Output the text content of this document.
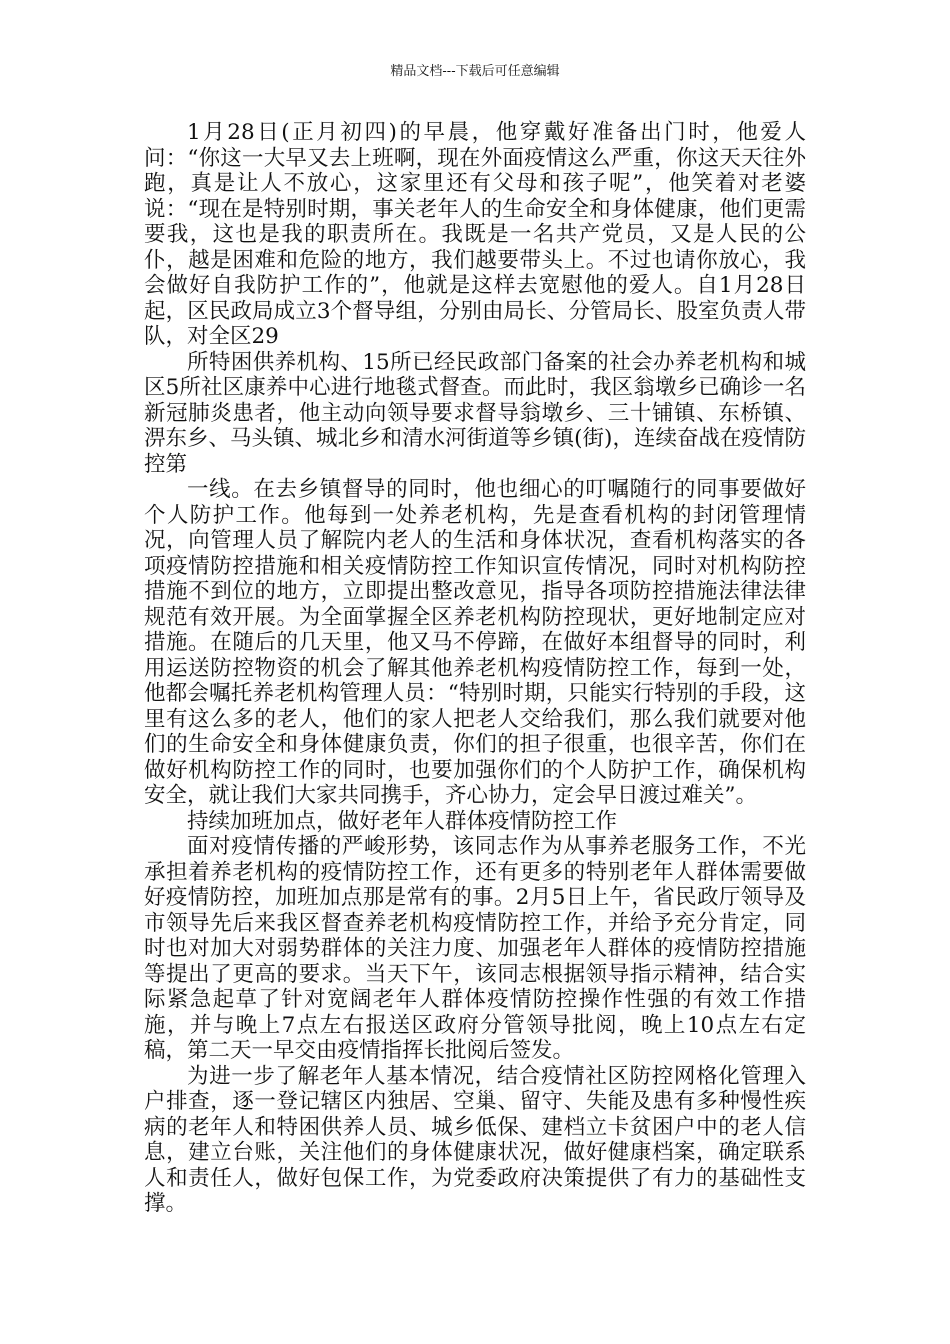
精品文档---下载后可任意编辑

1月28日(正月初四)的早晨，他穿戴好准备出门时，他爱人问：“你这一大早又去上班啊，现在外面疫情这么严重，你这天天往外跑，真是让人不放心，这家里还有父母和孩子呢”，他笑着对老婆说：“现在是特别时期，事关老年人的生命安全和身体健康，他们更需要我，这也是我的职责所在。我既是一名共产党员，又是人民的公仆，越是困难和危险的地方，我们越要带头上。不过也请你放心，我会做好自我防护工作的”，他就是这样去宽慰他的爱人。自1月28日起，区民政局成立3个督导组，分别由局长、分管局长、股室负责人带队，对全区29

所特困供养机构、15所已经民政部门备案的社会办养老机构和城区5所社区康养中心进行地毯式督查。而此时，我区翁墩乡已确诊一名新冠肺炎患者，他主动向领导要求督导翁墩乡、三十铺镇、东桥镇、淠东乡、马头镇、城北乡和清水河街道等乡镇(街)，连续奋战在疫情防控第

一线。在去乡镇督导的同时，他也细心的叮嘱随行的同事要做好个人防护工作。他每到一处养老机构，先是查看机构的封闭管理情况，向管理人员了解院内老人的生活和身体状况，查看机构落实的各项疫情防控措施和相关疫情防控工作知识宣传情况，同时对机构防控措施不到位的地方，立即提出整改意见，指导各项防控措施法律法律规范有效开展。为全面掌握全区养老机构防控现状，更好地制定应对措施。在随后的几天里，他又马不停蹄，在做好本组督导的同时，利用运送防控物资的机会了解其他养老机构疫情防控工作，每到一处，他都会嘱托养老机构管理人员：“特别时期，只能实行特别的手段，这里有这么多的老人，他们的家人把老人交给我们，那么我们就要对他们的生命安全和身体健康负责，你们的担子很重，也很辛苦，你们在做好机构防控工作的同时，也要加强你们的个人防护工作，确保机构安全，就让我们大家共同携手，齐心协力，定会早日渡过难关”。

持续加班加点，做好老年人群体疫情防控工作

面对疫情传播的严峻形势，该同志作为从事养老服务工作，不光承担着养老机构的疫情防控工作，还有更多的特别老年人群体需要做好疫情防控，加班加点那是常有的事。2月5日上午，省民政厅领导及市领导先后来我区督查养老机构疫情防控工作，并给予充分肯定，同时也对加大对弱势群体的关注力度、加强老年人群体的疫情防控措施等提出了更高的要求。当天下午，该同志根据领导指示精神，结合实际紧急起草了针对宽阔老年人群体疫情防控操作性强的有效工作措施，并与晚上7点左右报送区政府分管领导批阅，晚上10点左右定稿，第二天一早交由疫情指挥长批阅后签发。

为进一步了解老年人基本情况，结合疫情社区防控网格化管理入户排查，逐一登记辖区内独居、空巢、留守、失能及患有多种慢性疾病的老年人和特困供养人员、城乡低保、建档立卡贫困户中的老人信息，建立台账，关注他们的身体健康状况，做好健康档案，确定联系人和责任人，做好包保工作，为党委政府决策提供了有力的基础性支撑。
